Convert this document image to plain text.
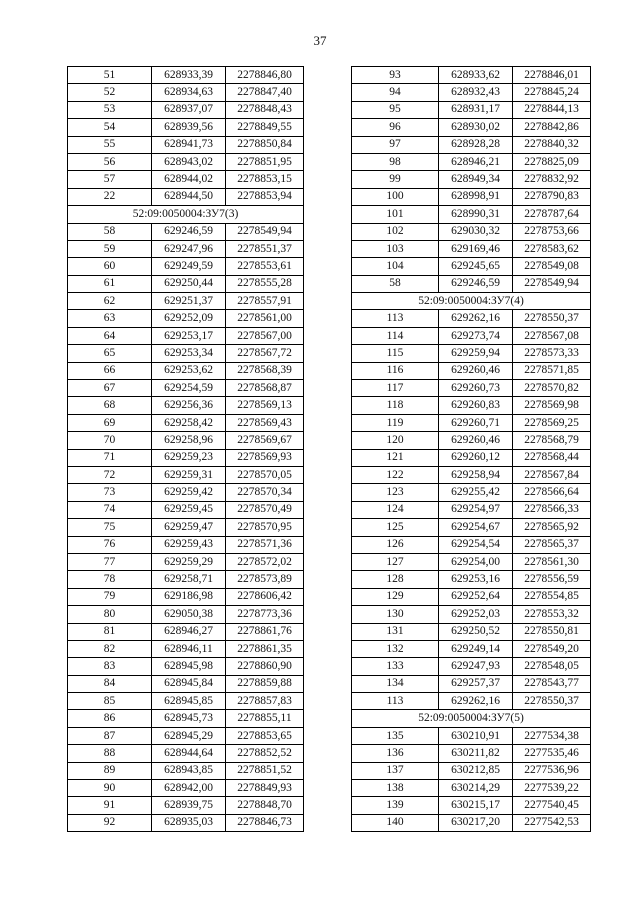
37
51	628933,39	2278846,80
52	628934,63	2278847,40
53	628937,07	2278848,43
54	628939,56	2278849,55
55	628941,73	2278850,84
56	628943,02	2278851,95
57	628944,02	2278853,15
22	628944,50	2278853,94
52:09:0050004:ЗУ7(3)		
58	629246,59	2278549,94
59	629247,96	2278551,37
60	629249,59	2278553,61
61	629250,44	2278555,28
62	629251,37	2278557,91
63	629252,09	2278561,00
64	629253,17	2278567,00
65	629253,34	2278567,72
66	629253,62	2278568,39
67	629254,59	2278568,87
68	629256,36	2278569,13
69	629258,42	2278569,43
70	629258,96	2278569,67
71	629259,23	2278569,93
72	629259,31	2278570,05
73	629259,42	2278570,34
74	629259,45	2278570,49
75	629259,47	2278570,95
76	629259,43	2278571,36
77	629259,29	2278572,02
78	629258,71	2278573,89
79	629186,98	2278606,42
80	629050,38	2278773,36
81	628946,27	2278861,76
82	628946,11	2278861,35
83	628945,98	2278860,90
84	628945,84	2278859,88
85	628945,85	2278857,83
86	628945,73	2278855,11
87	628945,29	2278853,65
88	628944,64	2278852,52
89	628943,85	2278851,52
90	628942,00	2278849,93
91	628939,75	2278848,70
92	628935,03	2278846,73
93	628933,62	2278846,01
94	628932,43	2278845,24
95	628931,17	2278844,13
96	628930,02	2278842,86
97	628928,28	2278840,32
98	628946,21	2278825,09
99	628949,34	2278832,92
100	628998,91	2278790,83
101	628990,31	2278787,64
102	629030,32	2278753,66
103	629169,46	2278583,62
104	629245,65	2278549,08
58	629246,59	2278549,94
52:09:0050004:ЗУ7(4)		
113	629262,16	2278550,37
114	629273,74	2278567,08
115	629259,94	2278573,33
116	629260,46	2278571,85
117	629260,73	2278570,82
118	629260,83	2278569,98
119	629260,71	2278569,25
120	629260,46	2278568,79
121	629260,12	2278568,44
122	629258,94	2278567,84
123	629255,42	2278566,64
124	629254,97	2278566,33
125	629254,67	2278565,92
126	629254,54	2278565,37
127	629254,00	2278561,30
128	629253,16	2278556,59
129	629252,64	2278554,85
130	629252,03	2278553,32
131	629250,52	2278550,81
132	629249,14	2278549,20
133	629247,93	2278548,05
134	629257,37	2278543,77
113	629262,16	2278550,37
52:09:0050004:ЗУ7(5)		
135	630210,91	2277534,38
136	630211,82	2277535,46
137	630212,85	2277536,96
138	630214,29	2277539,22
139	630215,17	2277540,45
140	630217,20	2277542,53
